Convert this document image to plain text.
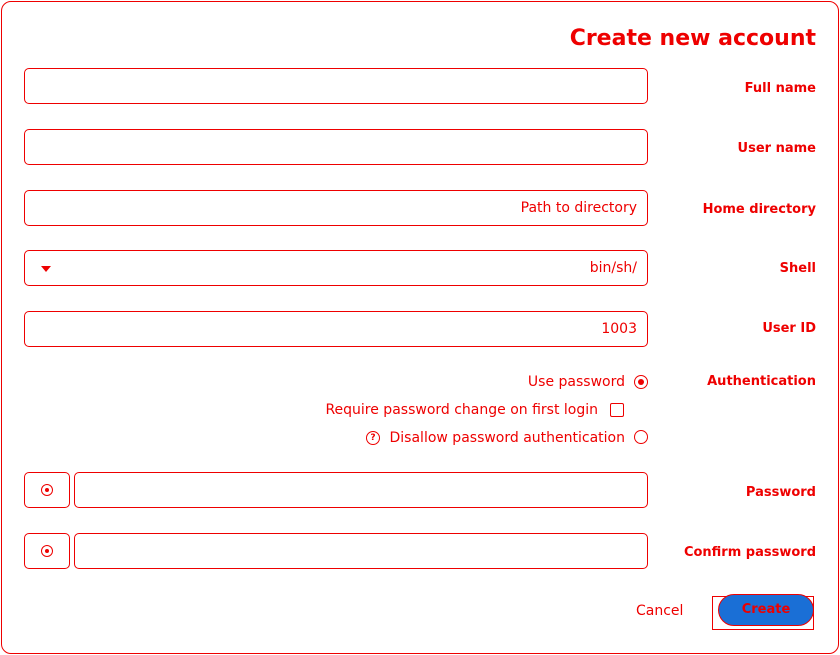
Create new account
Full name
User name
Path to directory	Home directory
bin/sh/	Shell
1003	User ID
Authentication
Use password
Require password change on first login
? Disallow password authentication
Password
Confirm password
Cancel	Create
